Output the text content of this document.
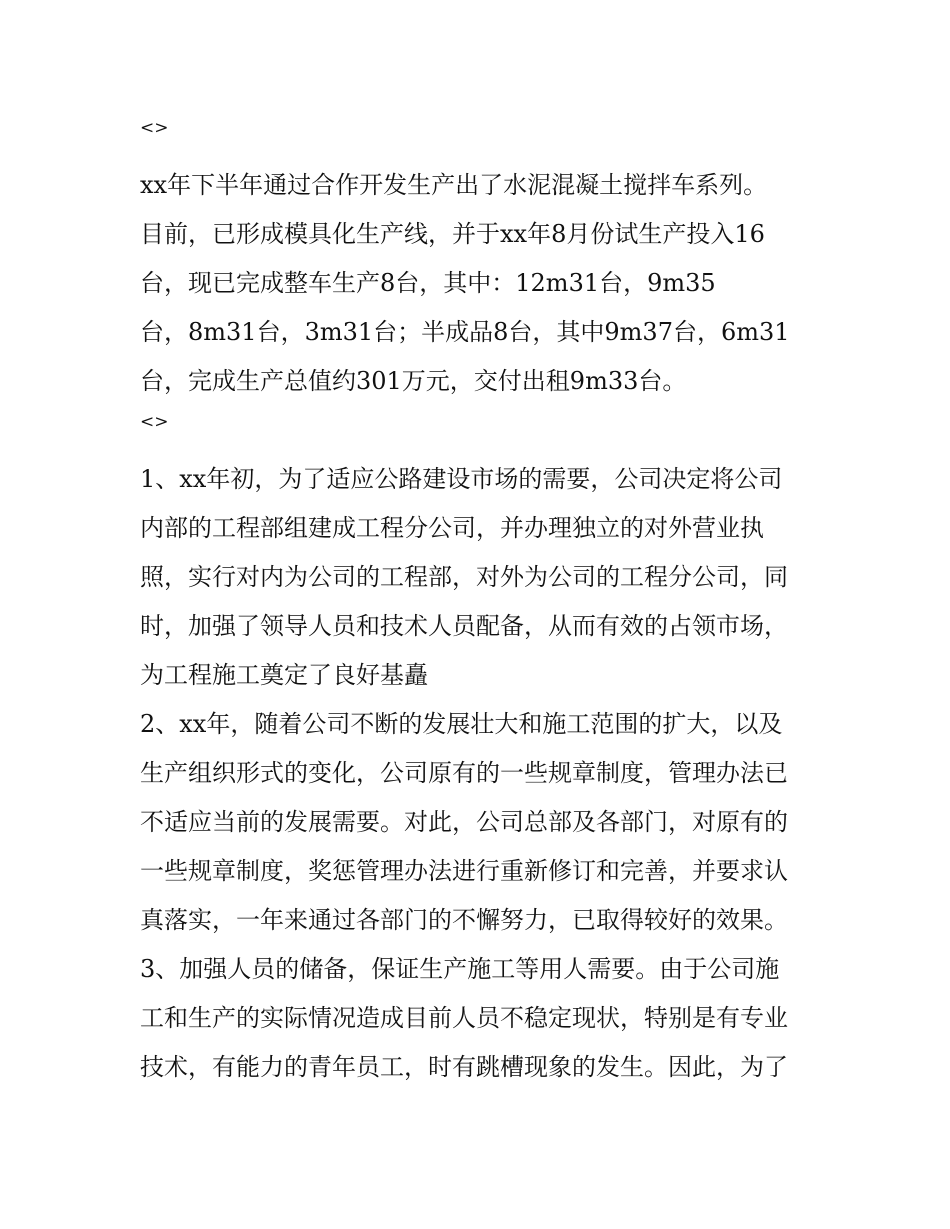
<>

xx年下半年通过合作开发生产出了水泥混凝土搅拌车系列。

目前，已形成模具化生产线，并于xx年8月份试生产投入16

台，现已完成整车生产8台，其中：12m31台，9m35

台，8m31台，3m31台；半成品8台，其中9m37台，6m31

台，完成生产总值约301万元，交付出租9m33台。

<>

1、xx年初，为了适应公路建设市场的需要，公司决定将公司

内部的工程部组建成工程分公司，并办理独立的对外营业执

照，实行对内为公司的工程部，对外为公司的工程分公司，同

时，加强了领导人员和技术人员配备，从而有效的占领市场，

为工程施工奠定了良好基矗

2、xx年，随着公司不断的发展壮大和施工范围的扩大，以及

生产组织形式的变化，公司原有的一些规章制度，管理办法已

不适应当前的发展需要。对此，公司总部及各部门，对原有的

一些规章制度，奖惩管理办法进行重新修订和完善，并要求认

真落实，一年来通过各部门的不懈努力，已取得较好的效果。

3、加强人员的储备，保证生产施工等用人需要。由于公司施

工和生产的实际情况造成目前人员不稳定现状，特别是有专业

技术，有能力的青年员工，时有跳槽现象的发生。因此，为了
